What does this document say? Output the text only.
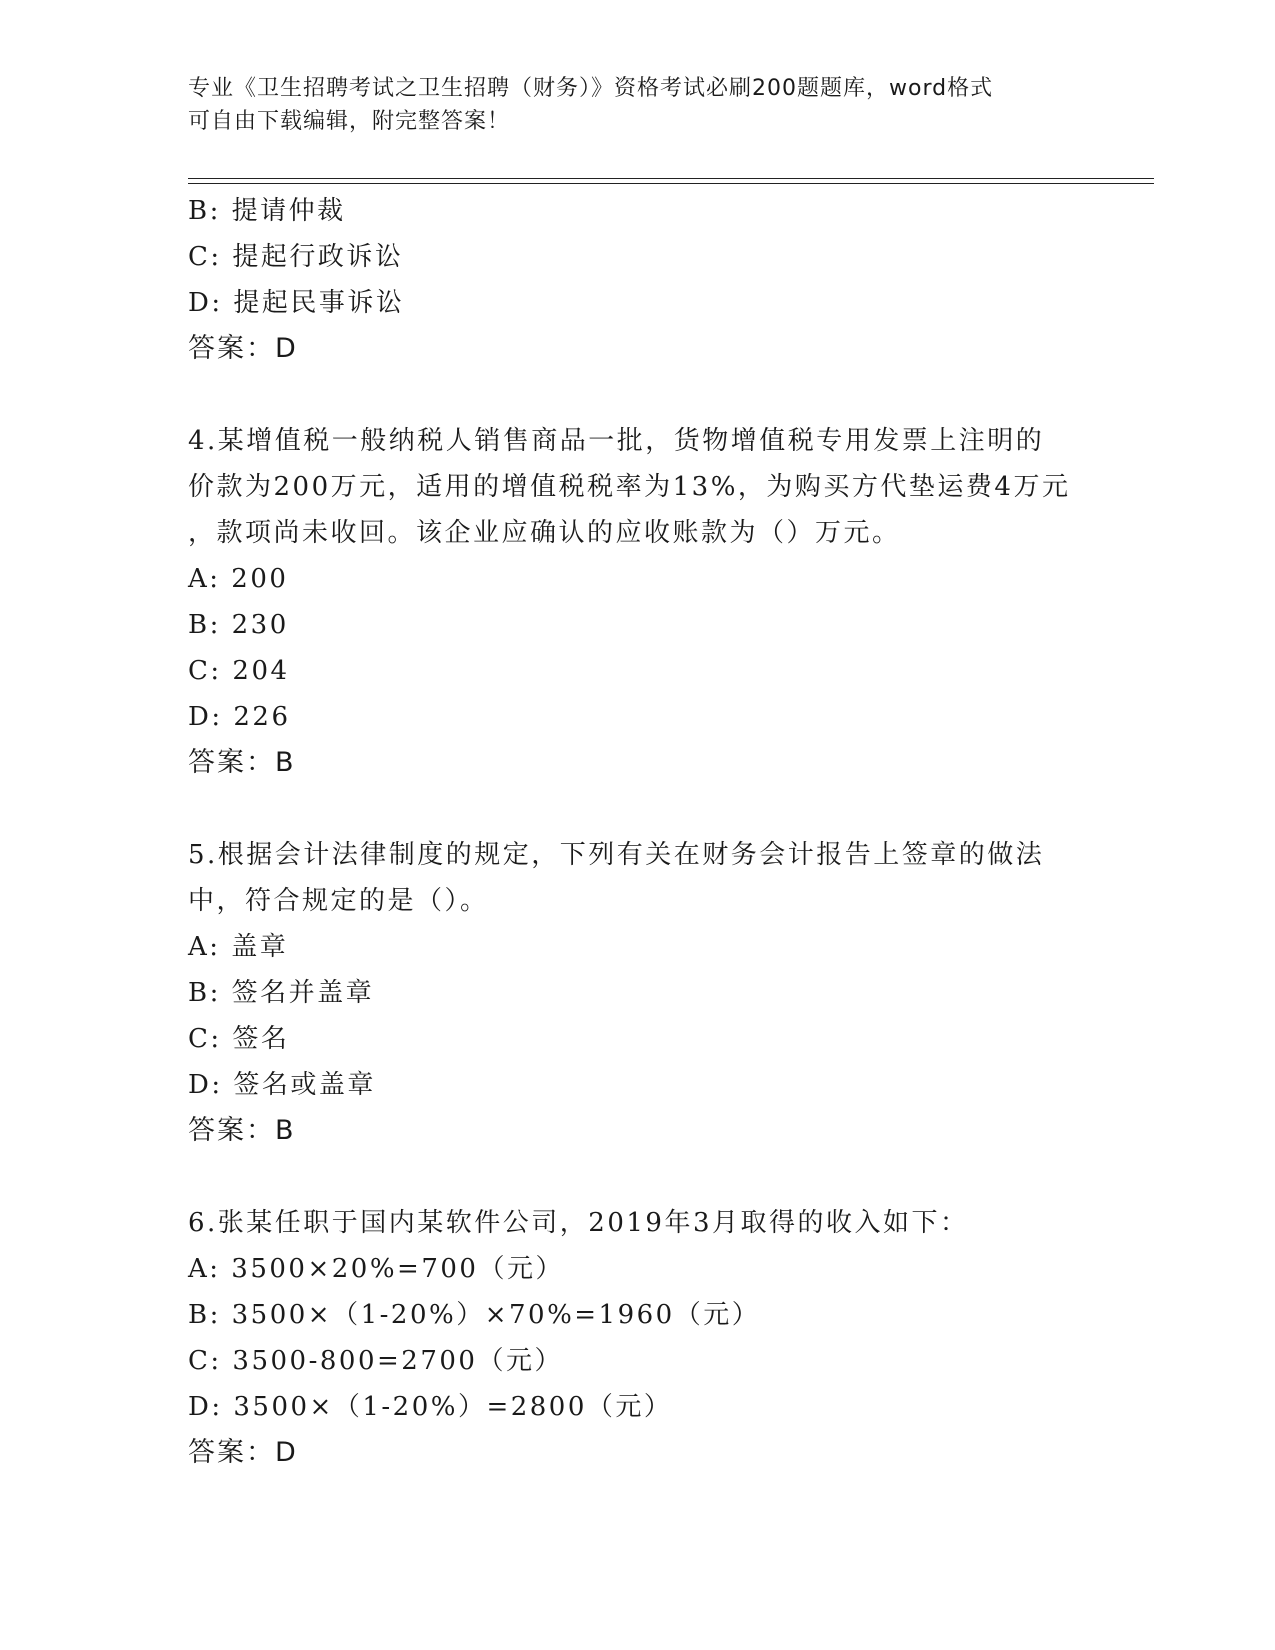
专业《卫生招聘考试之卫生招聘（财务）》资格考试必刷200题题库，word格式
可自由下载编辑，附完整答案！
B: 提请仲裁
C: 提起行政诉讼
D: 提起民事诉讼
答案：D
4.某增值税一般纳税人销售商品一批，货物增值税专用发票上注明的
价款为200万元，适用的增值税税率为13%，为购买方代垫运费4万元
，款项尚未收回。该企业应确认的应收账款为（）万元。
A: 200
B: 230
C: 204
D: 226
答案：B
5.根据会计法律制度的规定，下列有关在财务会计报告上签章的做法
中，符合规定的是（）。
A: 盖章
B: 签名并盖章
C: 签名
D: 签名或盖章
答案：B
6.张某任职于国内某软件公司，2019年3月取得的收入如下：
A: 3500×20%=700（元）
B: 3500×（1-20%）×70%=1960（元）
C: 3500-800=2700（元）
D: 3500×（1-20%）=2800（元）
答案：D
